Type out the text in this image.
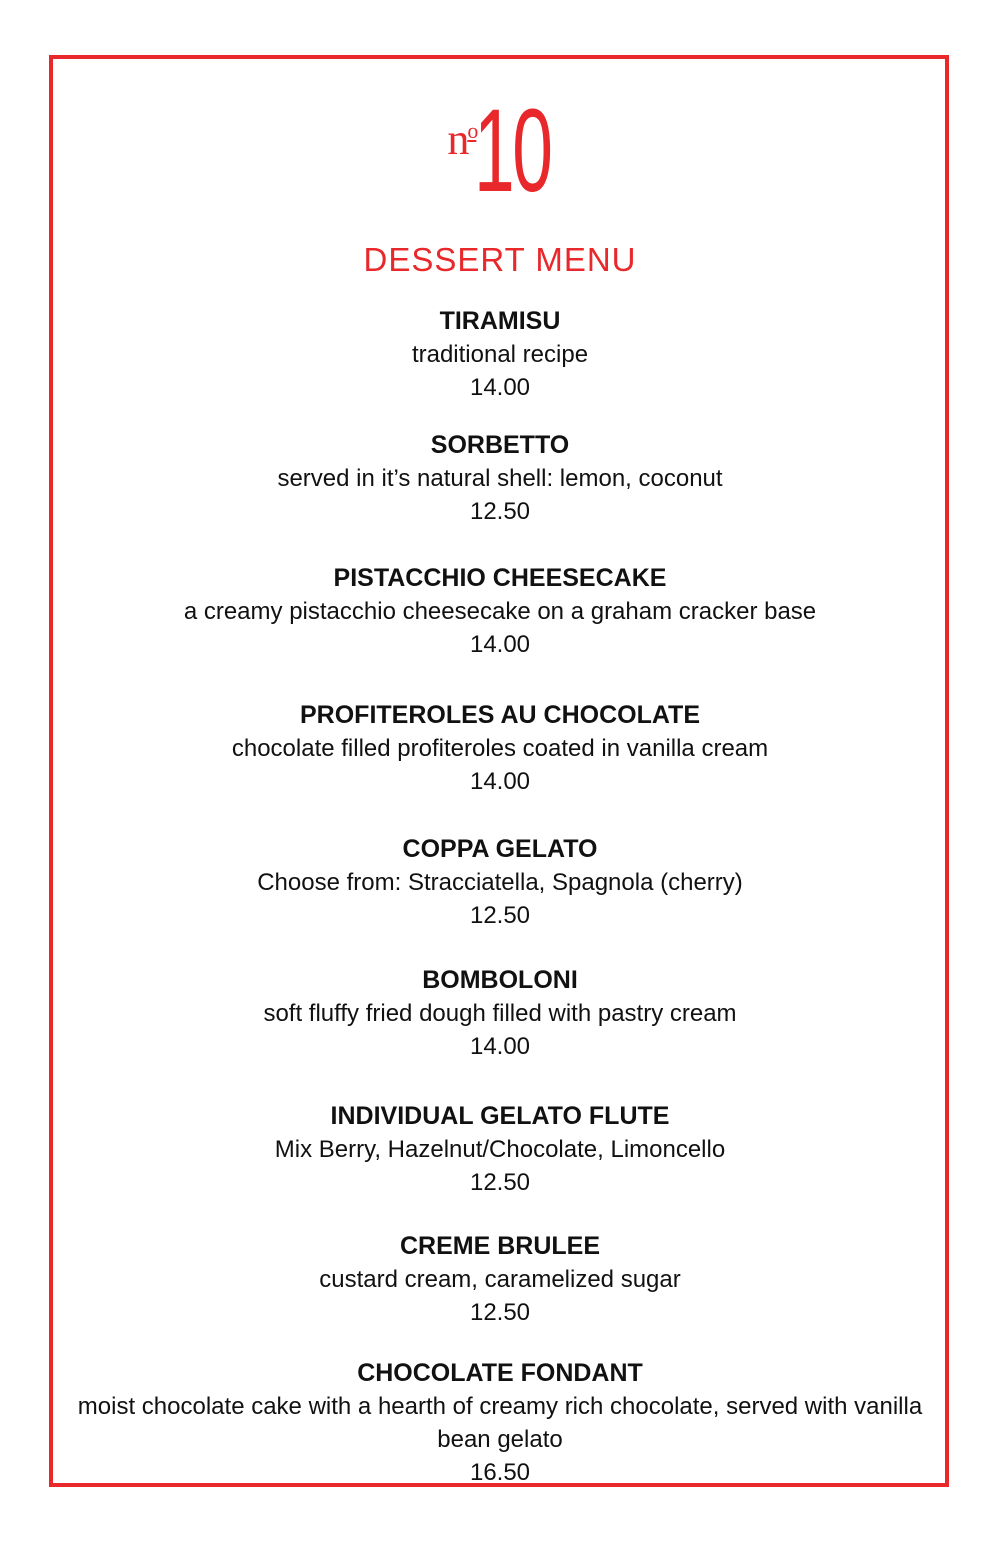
$n^o10$
DESSERT MENU
TIRAMISU
traditional recipe
14.00
SORBETTO
served in it’s natural shell: lemon, coconut
12.50
PISTACCHIO CHEESECAKE
a creamy pistacchio cheesecake on a graham cracker base
14.00
PROFITEROLES AU CHOCOLATE
chocolate filled profiteroles coated in vanilla cream
14.00
COPPA GELATO
Choose from: Stracciatella, Spagnola (cherry)
12.50
BOMBOLONI
soft fluffy fried dough filled with pastry cream
14.00
INDIVIDUAL GELATO FLUTE
Mix Berry, Hazelnut/Chocolate, Limoncello
12.50
CREME BRULEE
custard cream, caramelized sugar
12.50
CHOCOLATE FONDANT
moist chocolate cake with a hearth of creamy rich chocolate, served with vanilla bean gelato
16.50
